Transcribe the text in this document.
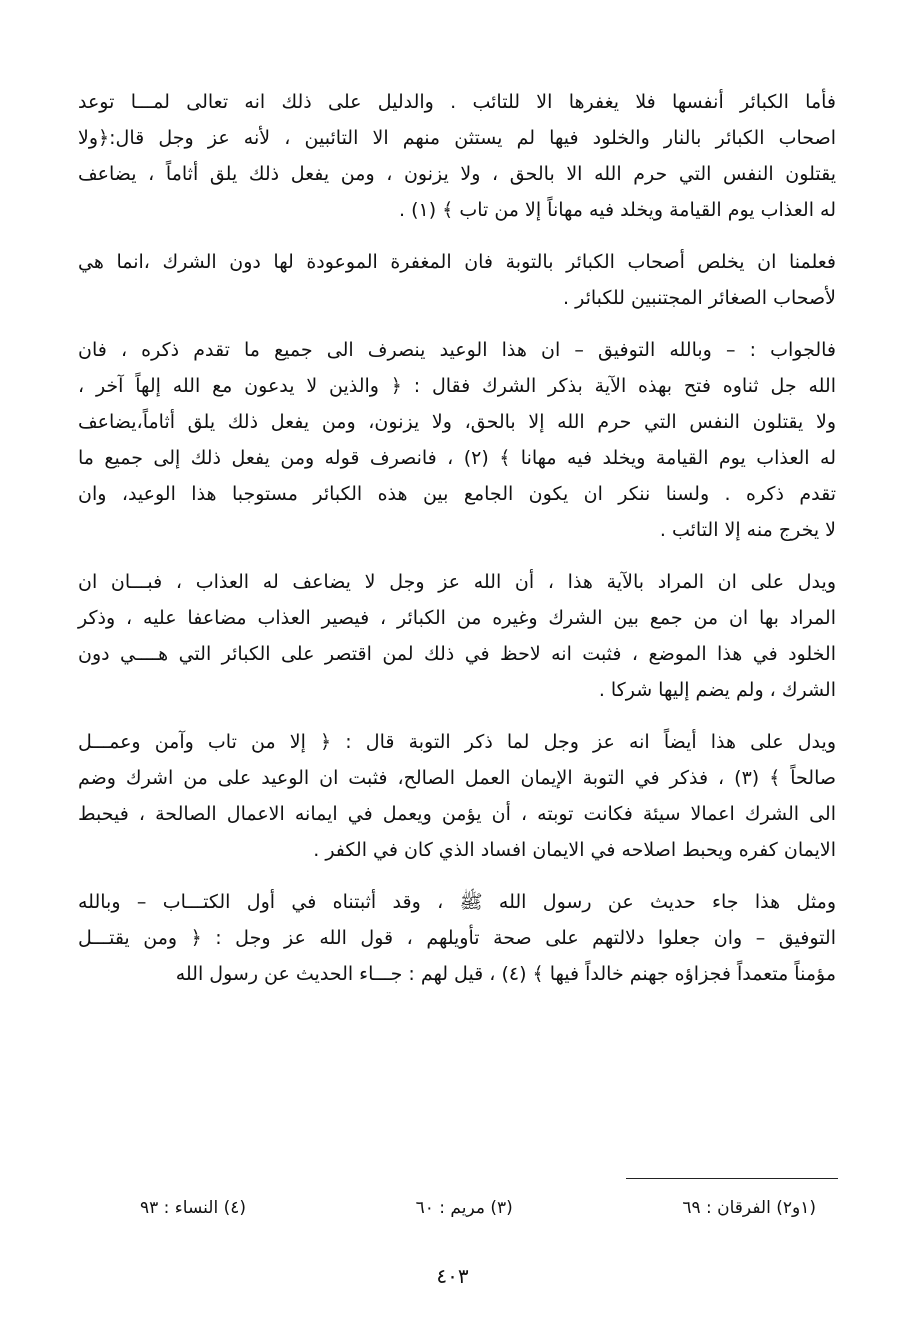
فأما الكبائر أنفسها فلا يغفرها الا للتائب . والدليل على ذلك انه تعالى لمـــا توعد
اصحاب الكبائر بالنار والخلود فيها لم يستثن منهم الا التائبين ، لأنه عز وجل قال:﴿ولا
يقتلون النفس التي حرم الله الا بالحق ، ولا يزنون ، ومن يفعل ذلك يلق أثاماً ، يضاعف
له العذاب يوم القيامة ويخلد فيه مهاناً إلا من تاب ﴾ (١) .
فعلمنا ان يخلص أصحاب الكبائر بالتوبة فان المغفرة الموعودة لها دون الشرك ،انما هي
لأصحاب الصغائر المجتنبين للكبائر .
فالجواب : – وبالله التوفيق – ان هذا الوعيد ينصرف الى جميع ما تقدم ذكره ، فان
الله جل ثناوه فتح بهذه الآية بذكر الشرك فقال : ﴿ والذين لا يدعون مع الله إلهاً آخر ،
ولا يقتلون النفس التي حرم الله إلا بالحق، ولا يزنون، ومن يفعل ذلك يلق أثاماً،يضاعف
له العذاب يوم القيامة ويخلد فيه مهانا ﴾ (٢) ، فانصرف قوله ومن يفعل ذلك إلى جميع ما
تقدم ذكره . ولسنا ننكر ان يكون الجامع بين هذه الكبائر مستوجبا هذا الوعيد، وان
لا يخرج منه إلا التائب .
ويدل على ان المراد بالآية هذا ، أن الله عز وجل لا يضاعف له العذاب ، فبـــان ان
المراد بها ان من جمع بين الشرك وغيره من الكبائر ، فيصير العذاب مضاعفا عليه ، وذكر
الخلود في هذا الموضع ، فثبت انه لاحظ في ذلك لمن اقتصر على الكبائر التي هــــي دون
الشرك ، ولم يضم إليها شركا .
ويدل على هذا أيضاً انه عز وجل لما ذكر التوبة قال : ﴿ إلا من تاب وآمن وعمـــل
صالحاً ﴾ (٣) ، فذكر في التوبة الإيمان العمل الصالح، فثبت ان الوعيد على من اشرك وضم
الى الشرك اعمالا سيئة فكانت توبته ، أن يؤمن ويعمل في ايمانه الاعمال الصالحة ، فيحبط
الايمان كفره ويحبط اصلاحه في الايمان افساد الذي كان في الكفر .
ومثل هذا جاء حديث عن رسول الله ﷺ ، وقد أثبتناه في أول الكتـــاب – وبالله
التوفيق – وان جعلوا دلالتهم على صحة تأويلهم ، قول الله عز وجل : ﴿ ومن يقتـــل
مؤمناً متعمداً فجزاؤه جهنم خالداً فيها ﴾ (٤) ، قيل لهم : جـــاء الحديث عن رسول الله
(١و٢) الفرقان : ٦٩
(٣) مريم : ٦٠
(٤) النساء : ٩٣
٤٠٣
